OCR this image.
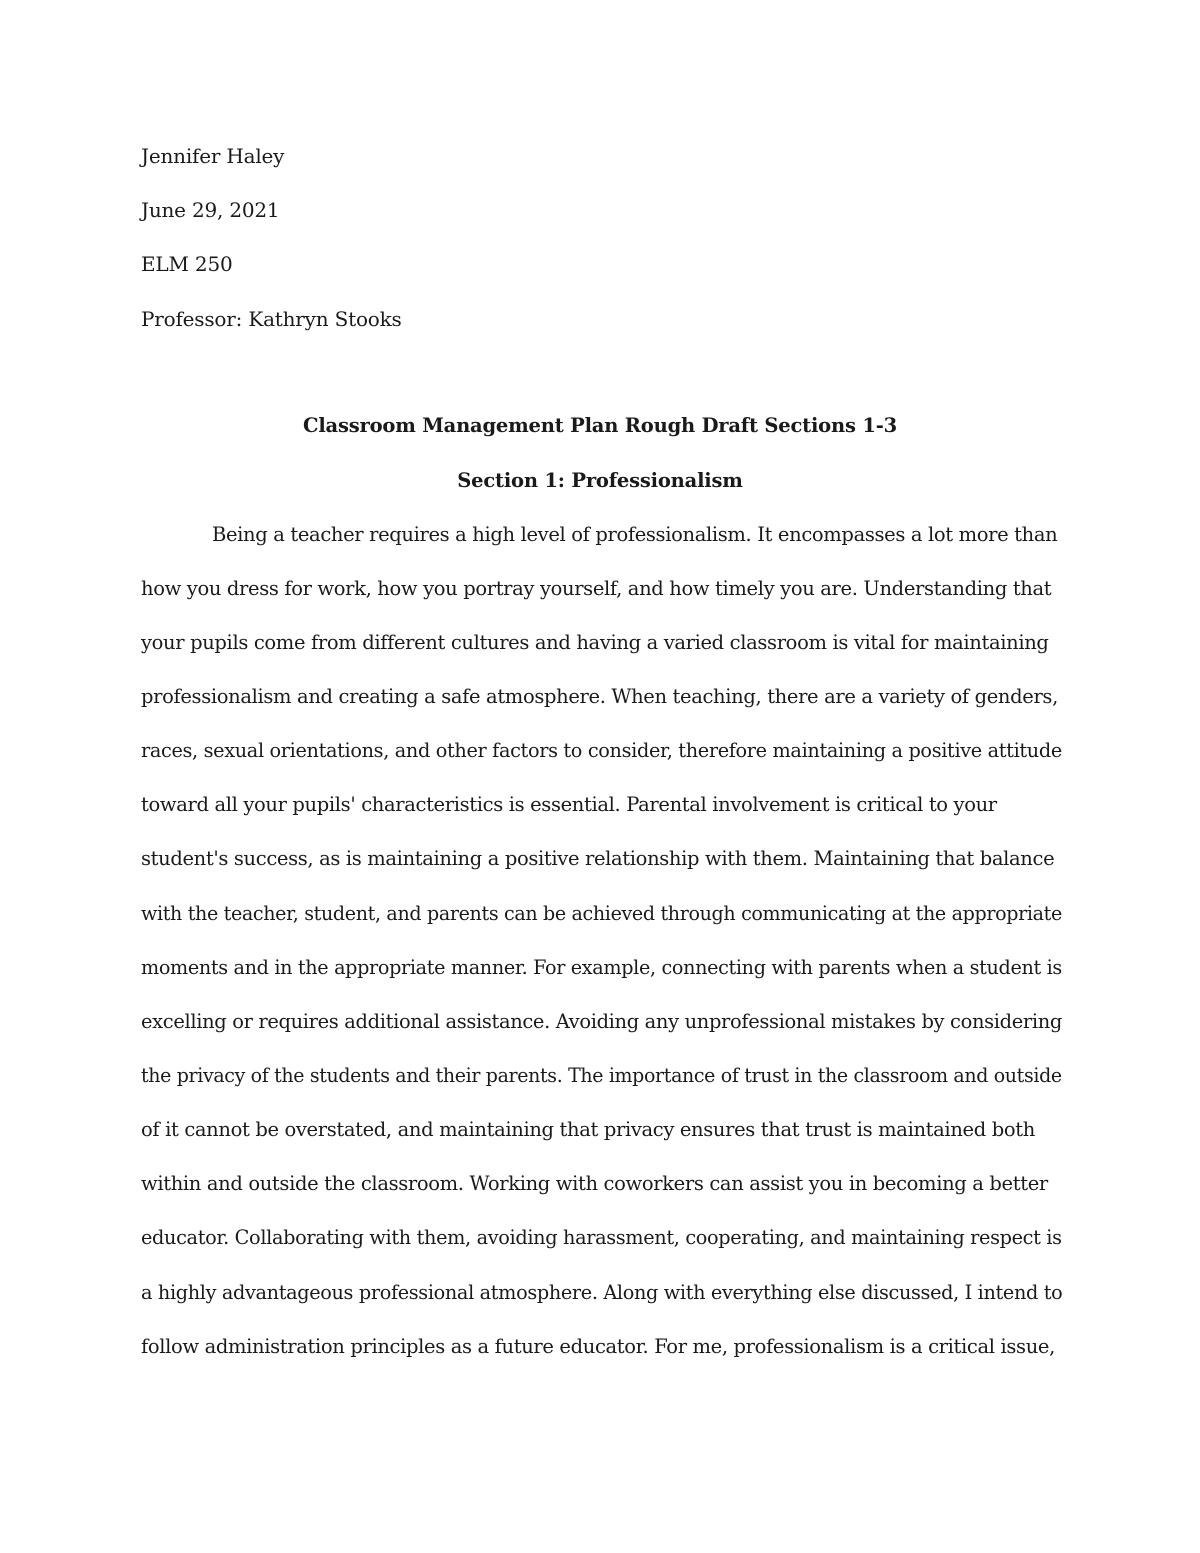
Jennifer Haley
June 29, 2021
ELM 250
Professor: Kathryn Stooks
Classroom Management Plan Rough Draft Sections 1-3
Section 1: Professionalism
Being a teacher requires a high level of professionalism. It encompasses a lot more than
how you dress for work, how you portray yourself, and how timely you are. Understanding that
your pupils come from different cultures and having a varied classroom is vital for maintaining
professionalism and creating a safe atmosphere. When teaching, there are a variety of genders,
races, sexual orientations, and other factors to consider, therefore maintaining a positive attitude
toward all your pupils' characteristics is essential. Parental involvement is critical to your
student's success, as is maintaining a positive relationship with them. Maintaining that balance
with the teacher, student, and parents can be achieved through communicating at the appropriate
moments and in the appropriate manner. For example, connecting with parents when a student is
excelling or requires additional assistance. Avoiding any unprofessional mistakes by considering
the privacy of the students and their parents. The importance of trust in the classroom and outside
of it cannot be overstated, and maintaining that privacy ensures that trust is maintained both
within and outside the classroom. Working with coworkers can assist you in becoming a better
educator. Collaborating with them, avoiding harassment, cooperating, and maintaining respect is
a highly advantageous professional atmosphere. Along with everything else discussed, I intend to
follow administration principles as a future educator. For me, professionalism is a critical issue,
